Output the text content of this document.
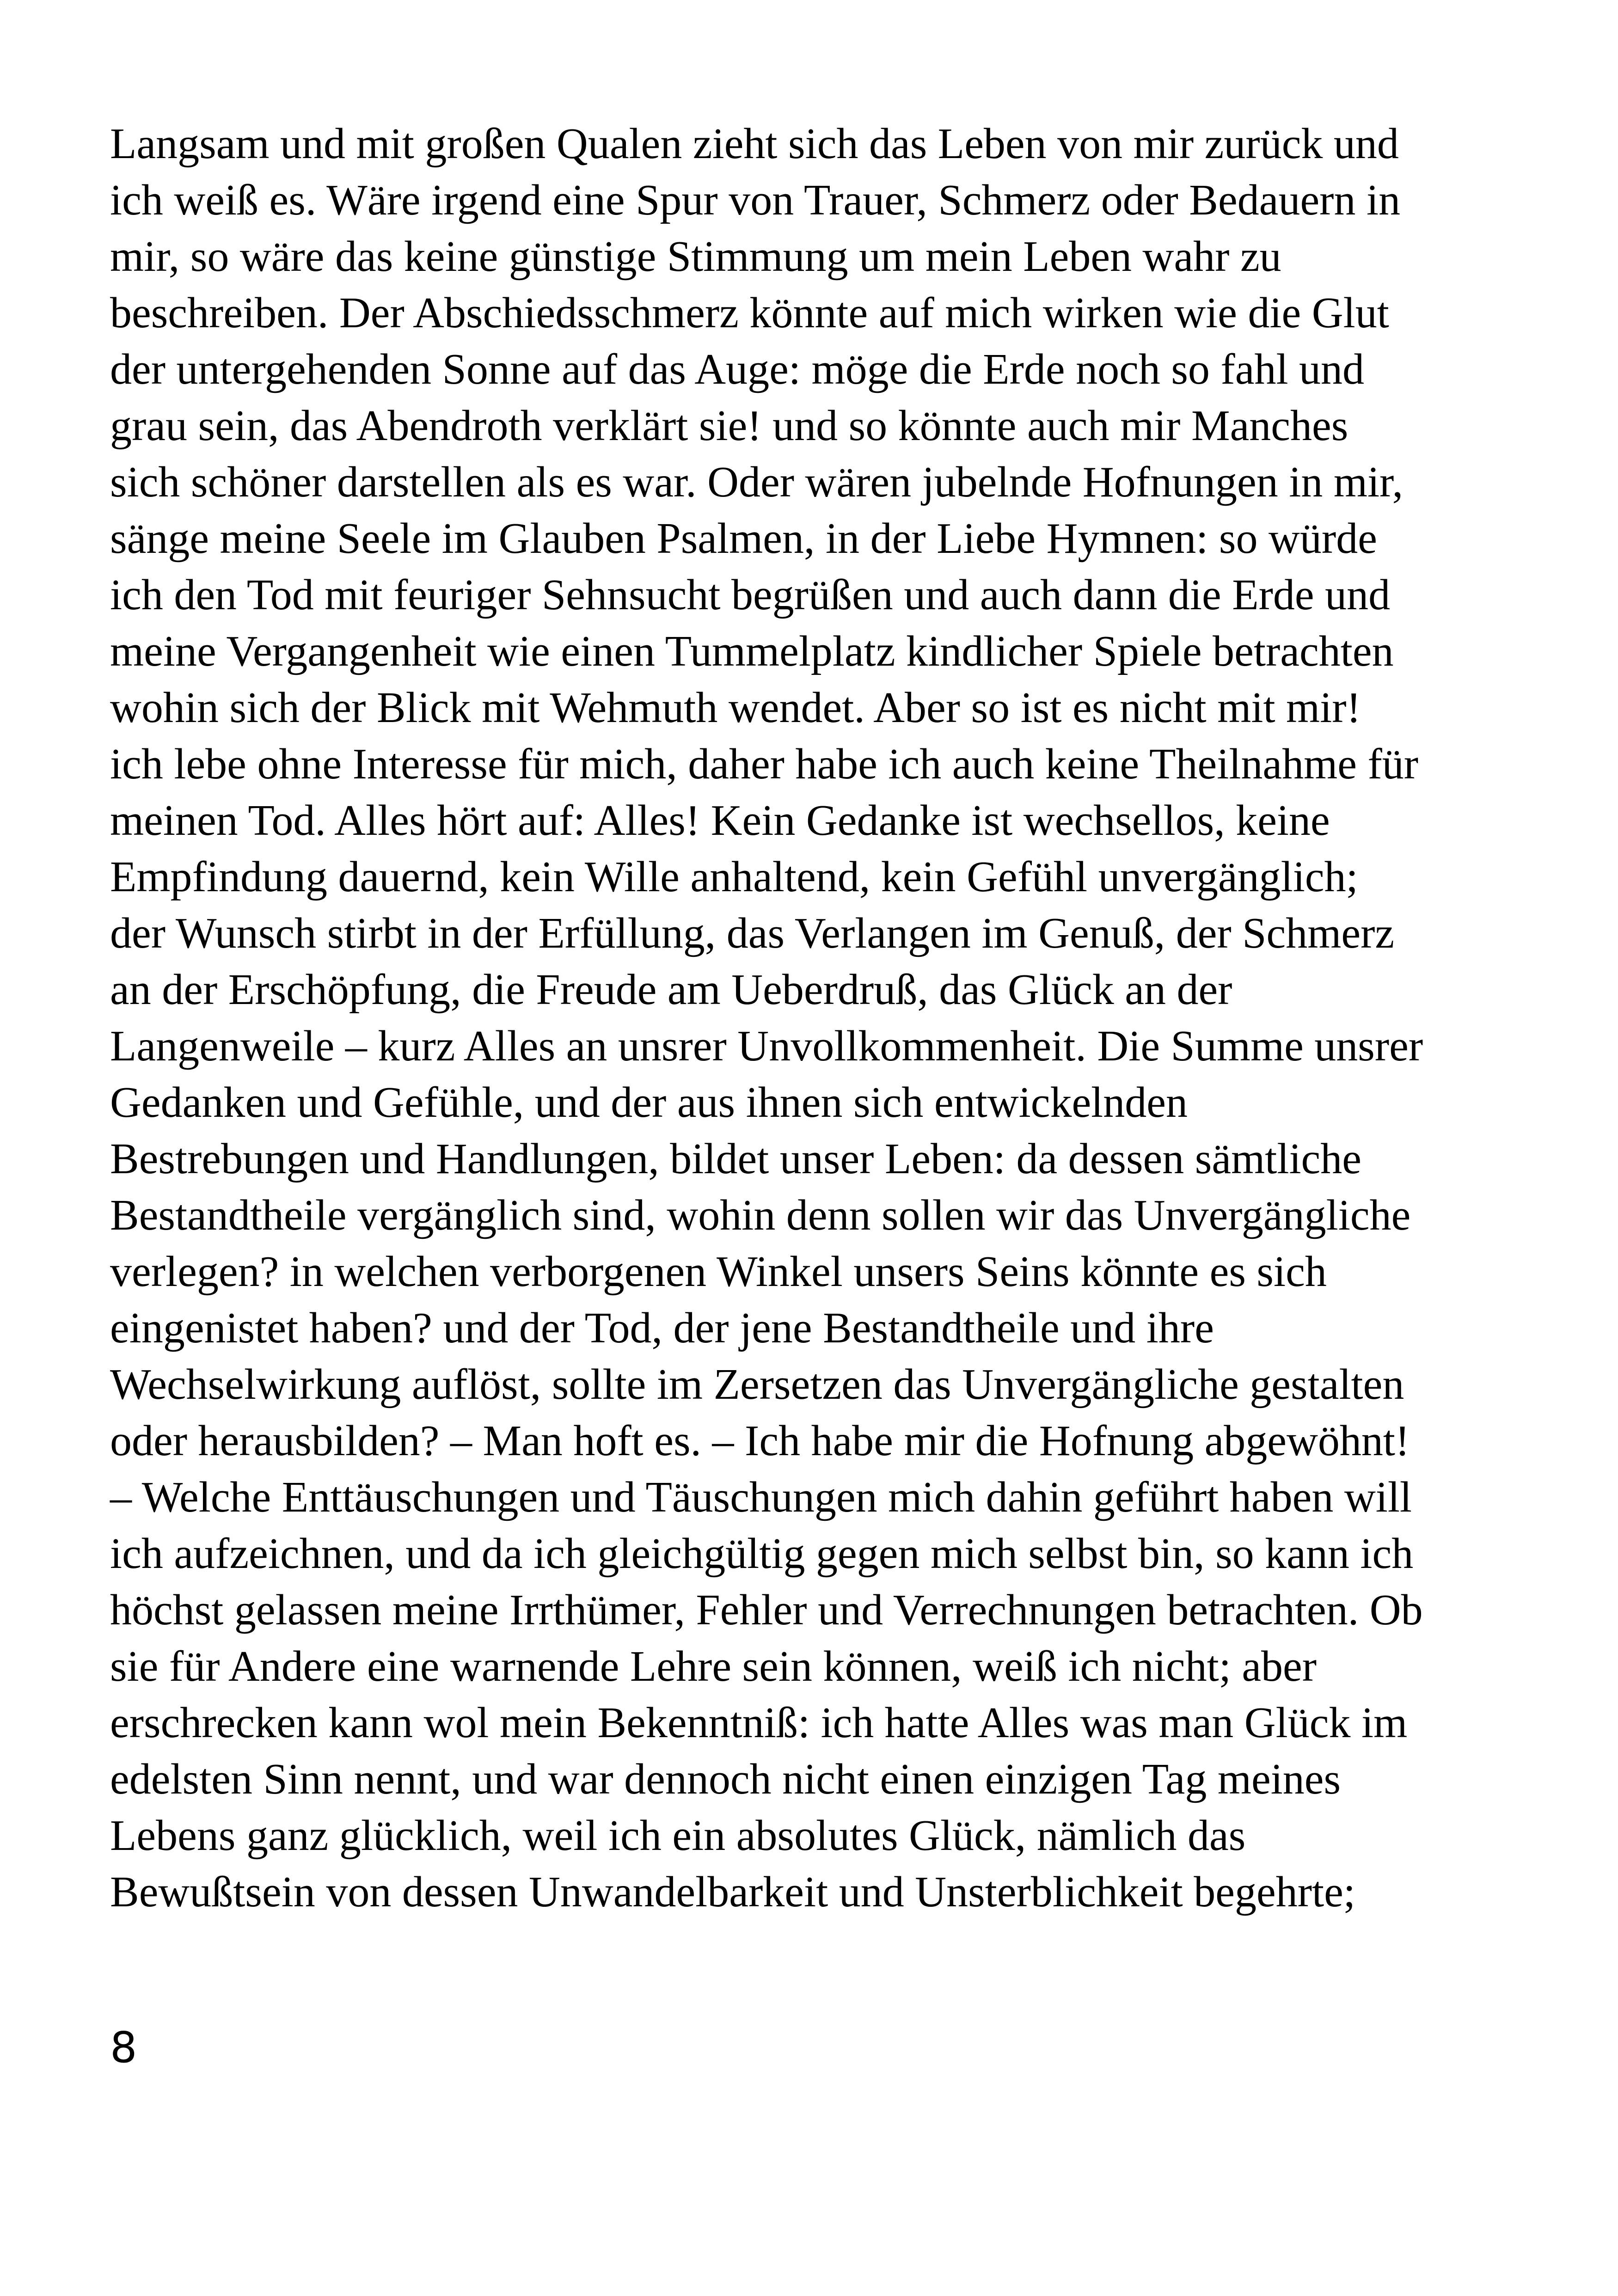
Langsam und mit großen Qualen zieht sich das Leben von mir zurück und
ich weiß es. Wäre irgend eine Spur von Trauer, Schmerz oder Bedauern in
mir, so wäre das keine günstige Stimmung um mein Leben wahr zu
beschreiben. Der Abschiedsschmerz könnte auf mich wirken wie die Glut
der untergehenden Sonne auf das Auge: möge die Erde noch so fahl und
grau sein, das Abendroth verklärt sie! und so könnte auch mir Manches
sich schöner darstellen als es war. Oder wären jubelnde Hofnungen in mir,
sänge meine Seele im Glauben Psalmen, in der Liebe Hymnen: so würde
ich den Tod mit feuriger Sehnsucht begrüßen und auch dann die Erde und
meine Vergangenheit wie einen Tummelplatz kindlicher Spiele betrachten
wohin sich der Blick mit Wehmuth wendet. Aber so ist es nicht mit mir!
ich lebe ohne Interesse für mich, daher habe ich auch keine Theilnahme für
meinen Tod. Alles hört auf: Alles! Kein Gedanke ist wechsellos, keine
Empfindung dauernd, kein Wille anhaltend, kein Gefühl unvergänglich;
der Wunsch stirbt in der Erfüllung, das Verlangen im Genuß, der Schmerz
an der Erschöpfung, die Freude am Ueberdruß, das Glück an der
Langenweile – kurz Alles an unsrer Unvollkommenheit. Die Summe unsrer
Gedanken und Gefühle, und der aus ihnen sich entwickelnden
Bestrebungen und Handlungen, bildet unser Leben: da dessen sämtliche
Bestandtheile vergänglich sind, wohin denn sollen wir das Unvergängliche
verlegen? in welchen verborgenen Winkel unsers Seins könnte es sich
eingenistet haben? und der Tod, der jene Bestandtheile und ihre
Wechselwirkung auflöst, sollte im Zersetzen das Unvergängliche gestalten
oder herausbilden? – Man hoft es. – Ich habe mir die Hofnung abgewöhnt!
– Welche Enttäuschungen und Täuschungen mich dahin geführt haben will
ich aufzeichnen, und da ich gleichgültig gegen mich selbst bin, so kann ich
höchst gelassen meine Irrthümer, Fehler und Verrechnungen betrachten. Ob
sie für Andere eine warnende Lehre sein können, weiß ich nicht; aber
erschrecken kann wol mein Bekenntniß: ich hatte Alles was man Glück im
edelsten Sinn nennt, und war dennoch nicht einen einzigen Tag meines
Lebens ganz glücklich, weil ich ein absolutes Glück, nämlich das
Bewußtsein von dessen Unwandelbarkeit und Unsterblichkeit begehrte;

8
